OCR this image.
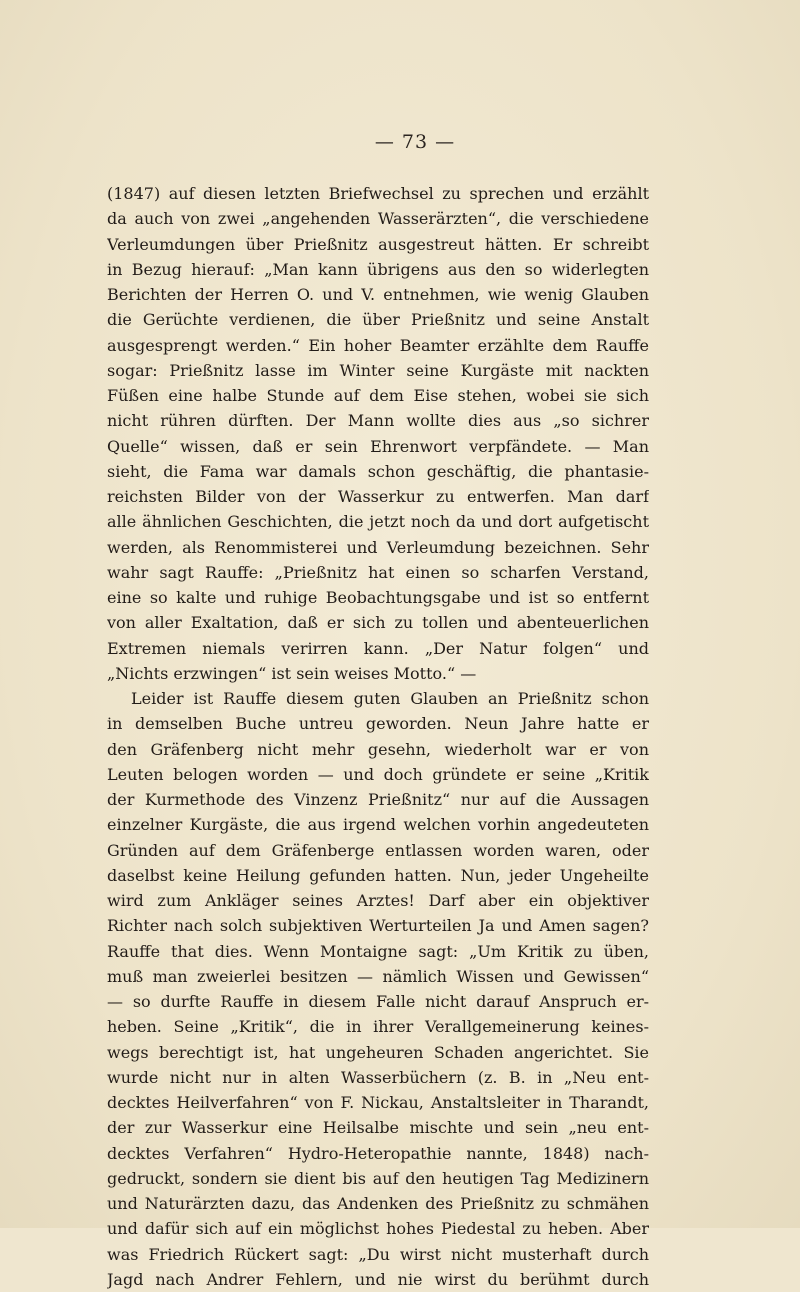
— 73 —
(1847) auf diesen letzten Briefwechsel zu sprechen und erzählt
da auch von zwei „angehenden Wasserärzten“, die verschiedene
Verleumdungen über Prießnitz ausgestreut hätten. Er schreibt
in Bezug hierauf: „Man kann übrigens aus den so widerlegten
Berichten der Herren O. und V. entnehmen, wie wenig Glauben
die Gerüchte verdienen, die über Prießnitz und seine Anstalt
ausgesprengt werden.“ Ein hoher Beamter erzählte dem Rauffe
sogar: Prießnitz lasse im Winter seine Kurgäste mit nackten
Füßen eine halbe Stunde auf dem Eise stehen, wobei sie sich
nicht rühren dürften. Der Mann wollte dies aus „so sichrer
Quelle“ wissen, daß er sein Ehrenwort verpfändete. — Man
sieht, die Fama war damals schon geschäftig, die phantasie-
reichsten Bilder von der Wasserkur zu entwerfen. Man darf
alle ähnlichen Geschichten, die jetzt noch da und dort aufgetischt
werden, als Renommisterei und Verleumdung bezeichnen. Sehr
wahr sagt Rauffe: „Prießnitz hat einen so scharfen Verstand,
eine so kalte und ruhige Beobachtungsgabe und ist so entfernt
von aller Exaltation, daß er sich zu tollen und abenteuerlichen
Extremen niemals verirren kann. „Der Natur folgen“ und
„Nichts erzwingen“ ist sein weises Motto.“ —
Leider ist Rauffe diesem guten Glauben an Prießnitz schon
in demselben Buche untreu geworden. Neun Jahre hatte er
den Gräfenberg nicht mehr gesehn, wiederholt war er von
Leuten belogen worden — und doch gründete er seine „Kritik
der Kurmethode des Vinzenz Prießnitz“ nur auf die Aussagen
einzelner Kurgäste, die aus irgend welchen vorhin angedeuteten
Gründen auf dem Gräfenberge entlassen worden waren, oder
daselbst keine Heilung gefunden hatten. Nun, jeder Ungeheilte
wird zum Ankläger seines Arztes! Darf aber ein objektiver
Richter nach solch subjektiven Werturteilen Ja und Amen sagen?
Rauffe that dies. Wenn Montaigne sagt: „Um Kritik zu üben,
muß man zweierlei besitzen — nämlich Wissen und Gewissen“
— so durfte Rauffe in diesem Falle nicht darauf Anspruch er-
heben. Seine „Kritik“, die in ihrer Verallgemeinerung keines-
wegs berechtigt ist, hat ungeheuren Schaden angerichtet. Sie
wurde nicht nur in alten Wasserbüchern (z. B. in „Neu ent-
decktes Heilverfahren“ von F. Nickau, Anstaltsleiter in Tharandt,
der zur Wasserkur eine Heilsalbe mischte und sein „neu ent-
decktes Verfahren“ Hydro-Heteropathie nannte, 1848) nach-
gedruckt, sondern sie dient bis auf den heutigen Tag Medizinern
und Naturärzten dazu, das Andenken des Prießnitz zu schmähen
und dafür sich auf ein möglichst hohes Piedestal zu heben. Aber
was Friedrich Rückert sagt: „Du wirst nicht musterhaft durch
Jagd nach Andrer Fehlern, und nie wirst du berühmt durch
